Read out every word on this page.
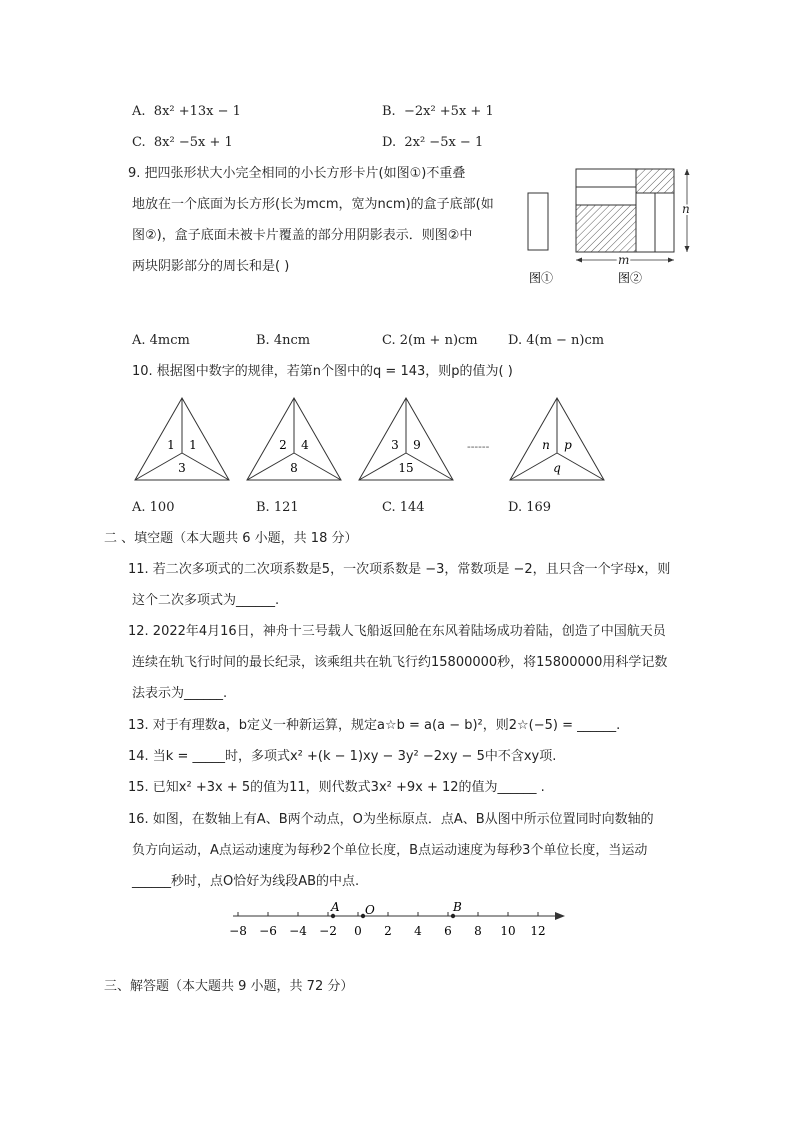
A. 8x² +13x − 1	B. −2x² +5x + 1
C. 8x² −5x + 1	D. 2x² −5x − 1
9. 把四张形状大小完全相同的小长方形卡片(如图①)不重叠
地放在一个底面为长方形(长为mcm，宽为ncm)的盒子底部(如
图②)，盒子底面未被卡片覆盖的部分用阴影表示．则图②中
两块阴影部分的周长和是( )
图①
m
n
图②
A. 4mcm	B. 4ncm	C. 2(m + n)cm D. 4(m − n)cm
10. 根据图中数字的规律，若第n个图中的q = 143，则p的值为( )
1 1
3
2 4
8
3 9
15
------	n p
q
A. 100	B. 121	C. 144	D. 169
二 、填空题（本大题共 6 小题，共 18 分）
11. 若二次多项式的二次项系数是5，一次项系数是 −3，常数项是 −2，且只含一个字母x，则
这个二次多项式为______.
12. 2022年4月16日，神舟十三号载人飞船返回舱在东风着陆场成功着陆，创造了中国航天员
连续在轨飞行时间的最长纪录，该乘组共在轨飞行约15800000秒，将15800000用科学记数
法表示为______.
13. 对于有理数a，b定义一种新运算，规定a☆b = a(a − b)²，则2☆(−5) = ______.
14. 当k = _____时，多项式x² +(k − 1)xy − 3y² −2xy − 5中不含xy项.
15. 已知x² +3x + 5的值为11，则代数式3x² +9x + 12的值为______ .
16. 如图，在数轴上有A、B两个动点，O为坐标原点．点A、B从图中所示位置同时向数轴的
负方向运动，A点运动速度为每秒2个单位长度，B点运动速度为每秒3个单位长度，当运动
______秒时，点O恰好为线段AB的中点.
−8 −6 −4 −2 0 2 4 6 8 10 12
A O	B
三、解答题（本大题共 9 小题，共 72 分）
